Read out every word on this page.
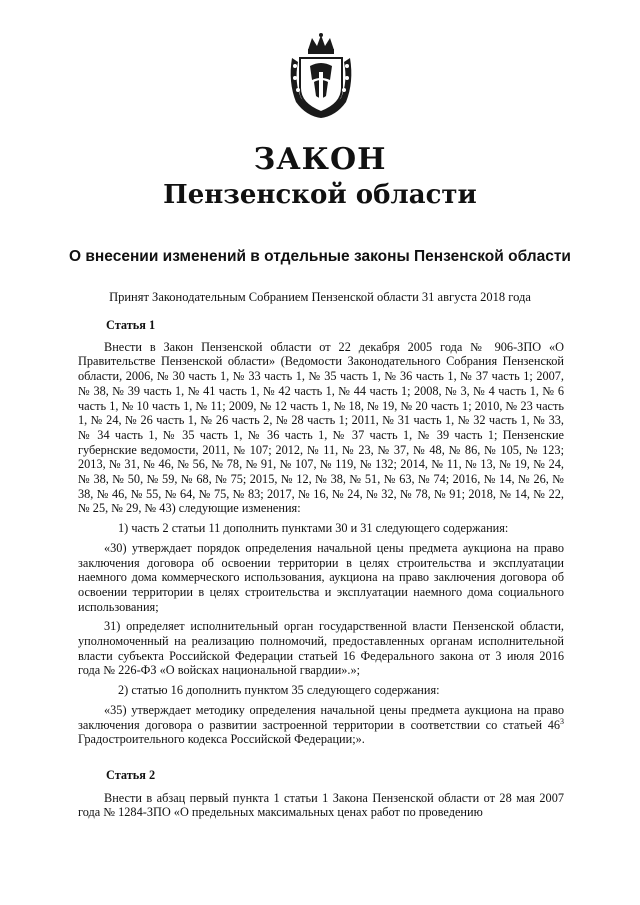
ЗАКОН
Пензенской области
О внесении изменений в отдельные законы Пензенской области
Принят Законодательным Собранием Пензенской области 31 августа 2018 года

Статья 1

Внести в Закон Пензенской области от 22 декабря 2005 года № 906-ЗПО «О Правительстве Пензенской области» (Ведомости Законодательного Собрания Пензенской области, 2006, № 30 часть 1, № 33 часть 1, № 35 часть 1, № 36 часть 1, № 37 часть 1; 2007, № 38, № 39 часть 1, № 41 часть 1, № 42 часть 1, № 44 часть 1; 2008, № 3, № 4 часть 1, № 6 часть 1, № 10 часть 1, № 11; 2009, № 12 часть 1, № 18, № 19, № 20 часть 1; 2010, № 23 часть 1, № 24, № 26 часть 1, № 26 часть 2, № 28 часть 1; 2011, № 31 часть 1, № 32 часть 1, № 33, № 34 часть 1, № 35 часть 1, № 36 часть 1, № 37 часть 1, № 39 часть 1; Пензенские губернские ведомости, 2011, № 107; 2012, № 11, № 23, № 37, № 48, № 86, № 105, № 123; 2013, № 31, № 46, № 56, № 78, № 91, № 107, № 119, № 132; 2014, № 11, № 13, № 19, № 24, № 38, № 50, № 59, № 68, № 75; 2015, № 12, № 38, № 51, № 63, № 74; 2016, № 14, № 26, № 38, № 46, № 55, № 64, № 75, № 83; 2017, № 16, № 24, № 32, № 78, № 91; 2018, № 14, № 22, № 25, № 29, № 43) следующие изменения:

1) часть 2 статьи 11 дополнить пунктами 30 и 31 следующего содержания:

«30) утверждает порядок определения начальной цены предмета аукциона на право заключения договора об освоении территории в целях строительства и эксплуатации наемного дома коммерческого использования, аукциона на право заключения договора об освоении территории в целях строительства и эксплуатации наемного дома социального использования;

31) определяет исполнительный орган государственной власти Пензенской области, уполномоченный на реализацию полномочий, предоставленных органам исполнительной власти субъекта Российской Федерации статьей 16 Федерального закона от 3 июля 2016 года № 226-ФЗ «О войсках национальной гвардии».»;

2) статью 16 дополнить пунктом 35 следующего содержания:

«35) утверждает методику определения начальной цены предмета аукциона на право заключения договора о развитии застроенной территории в соответствии со статьей $46^3$ Градостроительного кодекса Российской Федерации;».

Статья 2

Внести в абзац первый пункта 1 статьи 1 Закона Пензенской области от 28 мая 2007 года № 1284-ЗПО «О предельных максимальных ценах работ по проведению
